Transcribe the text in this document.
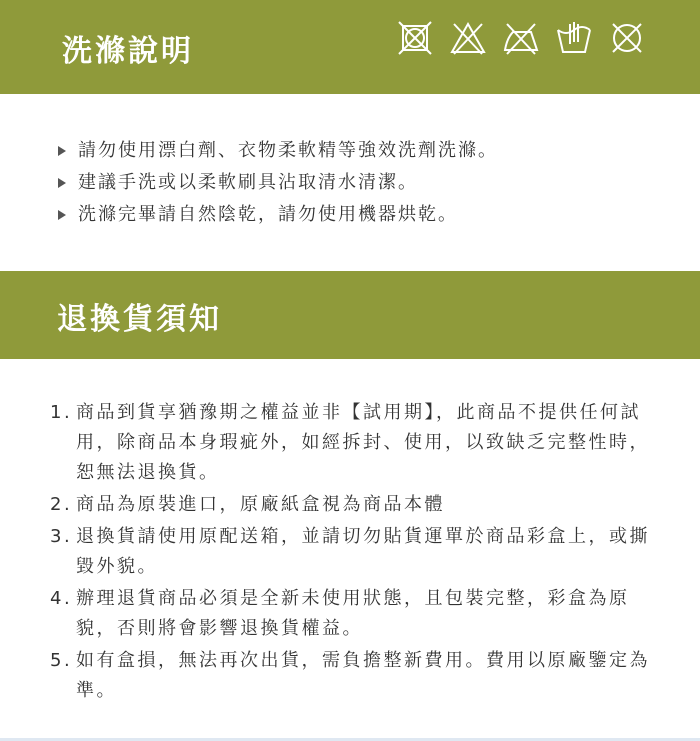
洗滌說明
請勿使用漂白劑、衣物柔軟精等強效洗劑洗滌。
建議手洗或以柔軟刷具沾取清水清潔。
洗滌完畢請自然陰乾，請勿使用機器烘乾。
退換貨須知
1. 商品到貨享猶豫期之權益並非【試用期】，此商品不提供任何試用，除商品本身瑕疵外，如經拆封、使用，以致缺乏完整性時，恕無法退換貨。
2. 商品為原裝進口，原廠紙盒視為商品本體
3. 退換貨請使用原配送箱，並請切勿貼貨運單於商品彩盒上，或撕毀外貌。
4. 辦理退貨商品必須是全新未使用狀態，且包裝完整，彩盒為原貌，否則將會影響退換貨權益。
5. 如有盒損，無法再次出貨，需負擔整新費用。費用以原廠鑒定為準。
